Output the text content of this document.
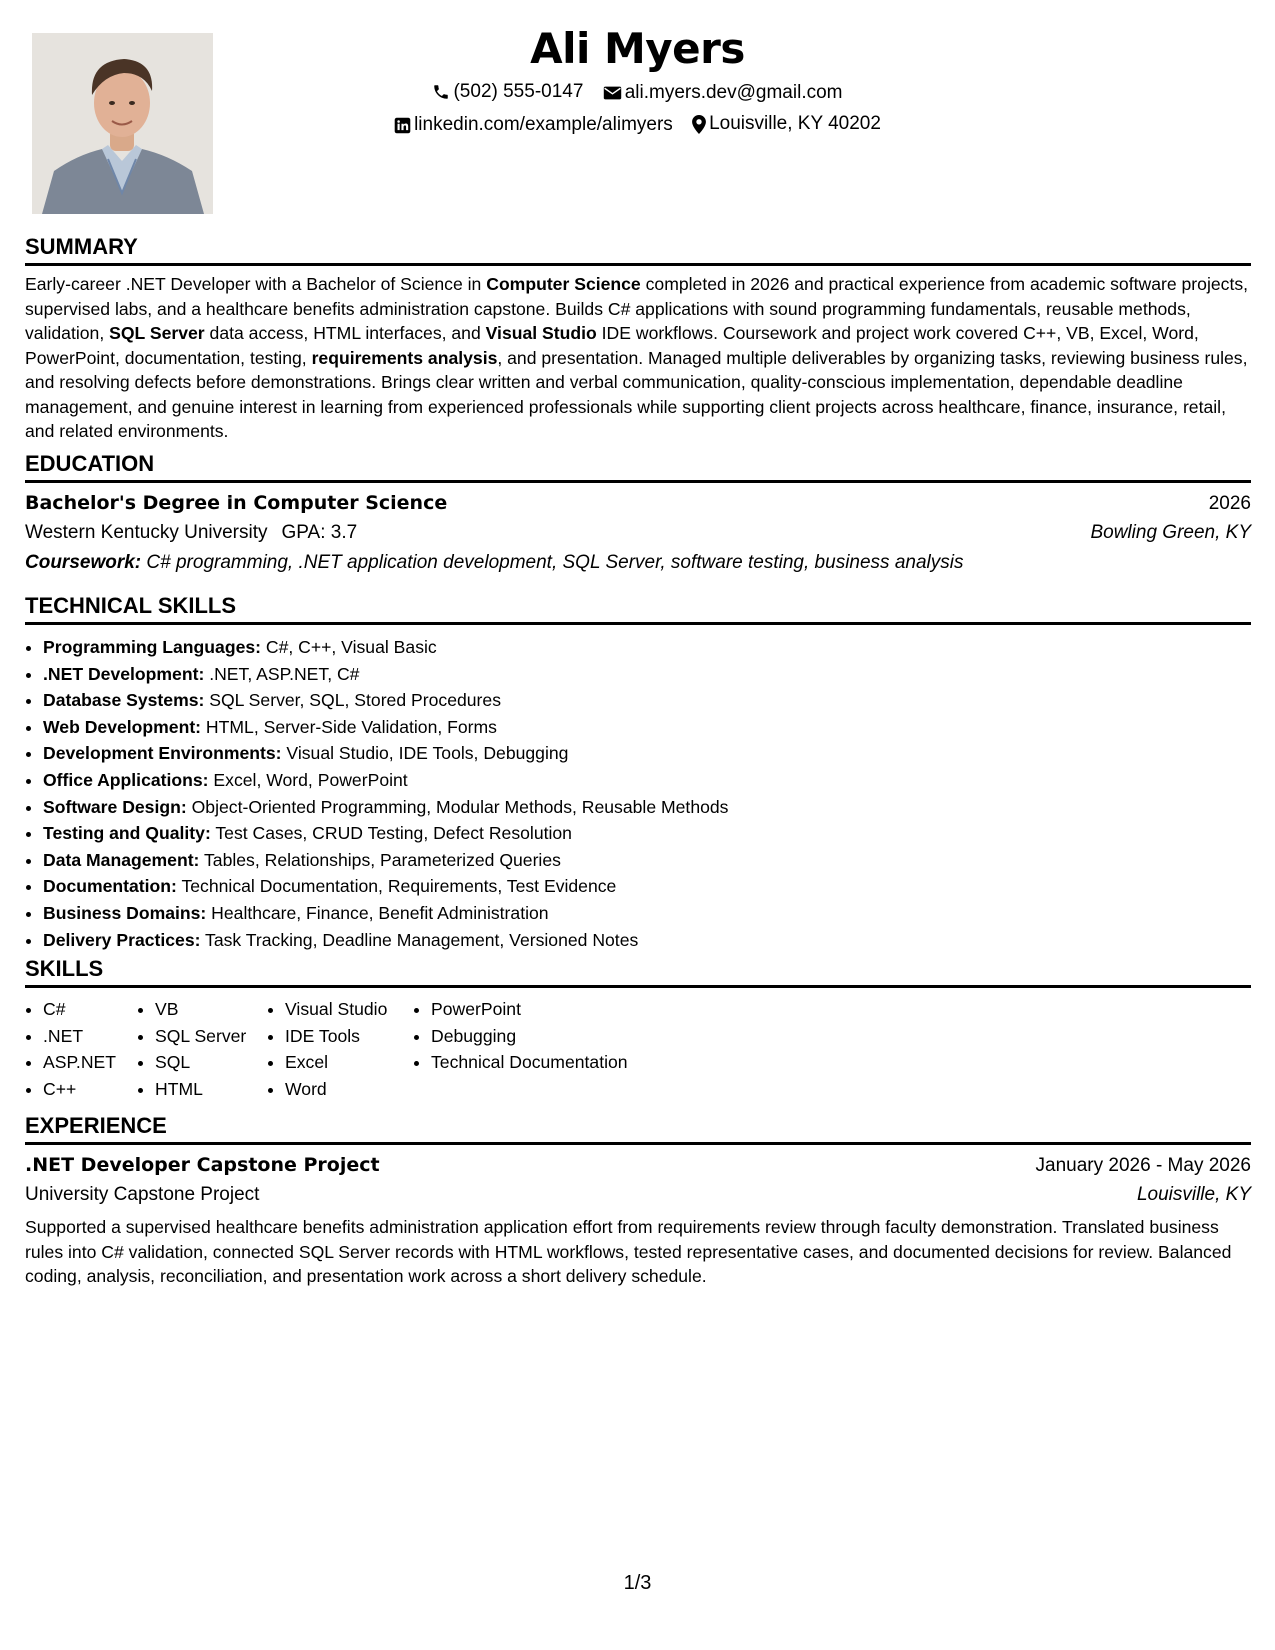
Ali Myers
(502) 555-0147
ali.myers.dev@gmail.com
linkedin.com/example/alimyers
Louisville, KY 40202
SUMMARY
Early-career .NET Developer with a Bachelor of Science in Computer Science completed in 2026 and practical experience from academic software projects, supervised labs, and a healthcare benefits administration capstone. Builds C# applications with sound programming fundamentals, reusable methods, validation, SQL Server data access, HTML interfaces, and Visual Studio IDE workflows. Coursework and project work covered C++, VB, Excel, Word, PowerPoint, documentation, testing, requirements analysis, and presentation. Managed multiple deliverables by organizing tasks, reviewing business rules, and resolving defects before demonstrations. Brings clear written and verbal communication, quality-conscious implementation, dependable deadline management, and genuine interest in learning from experienced professionals while supporting client projects across healthcare, finance, insurance, retail, and related environments.
EDUCATION
Bachelor's Degree in Computer Science	2026
Western Kentucky University GPA: 3.7	Bowling Green, KY
Coursework: C# programming, .NET application development, SQL Server, software testing, business analysis
TECHNICAL SKILLS
• Programming Languages: C#, C++, Visual Basic
• .NET Development: .NET, ASP.NET, C#
• Database Systems: SQL Server, SQL, Stored Procedures
• Web Development: HTML, Server-Side Validation, Forms
• Development Environments: Visual Studio, IDE Tools, Debugging
• Office Applications: Excel, Word, PowerPoint
• Software Design: Object-Oriented Programming, Modular Methods, Reusable Methods
• Testing and Quality: Test Cases, CRUD Testing, Defect Resolution
• Data Management: Tables, Relationships, Parameterized Queries
• Documentation: Technical Documentation, Requirements, Test Evidence
• Business Domains: Healthcare, Finance, Benefit Administration
• Delivery Practices: Task Tracking, Deadline Management, Versioned Notes
SKILLS
• C#
• .NET
• ASP.NET
• C++
• VB
• SQL Server
• SQL
• HTML
• Visual Studio
• IDE Tools
• Excel
• Word
• PowerPoint
• Debugging
• Technical Documentation
EXPERIENCE
.NET Developer Capstone Project	January 2026 - May 2026
University Capstone Project	Louisville, KY
Supported a supervised healthcare benefits administration application effort from requirements review through faculty demonstration. Translated business rules into C# validation, connected SQL Server records with HTML workflows, tested representative cases, and documented decisions for review. Balanced coding, analysis, reconciliation, and presentation work across a short delivery schedule.
1/3
